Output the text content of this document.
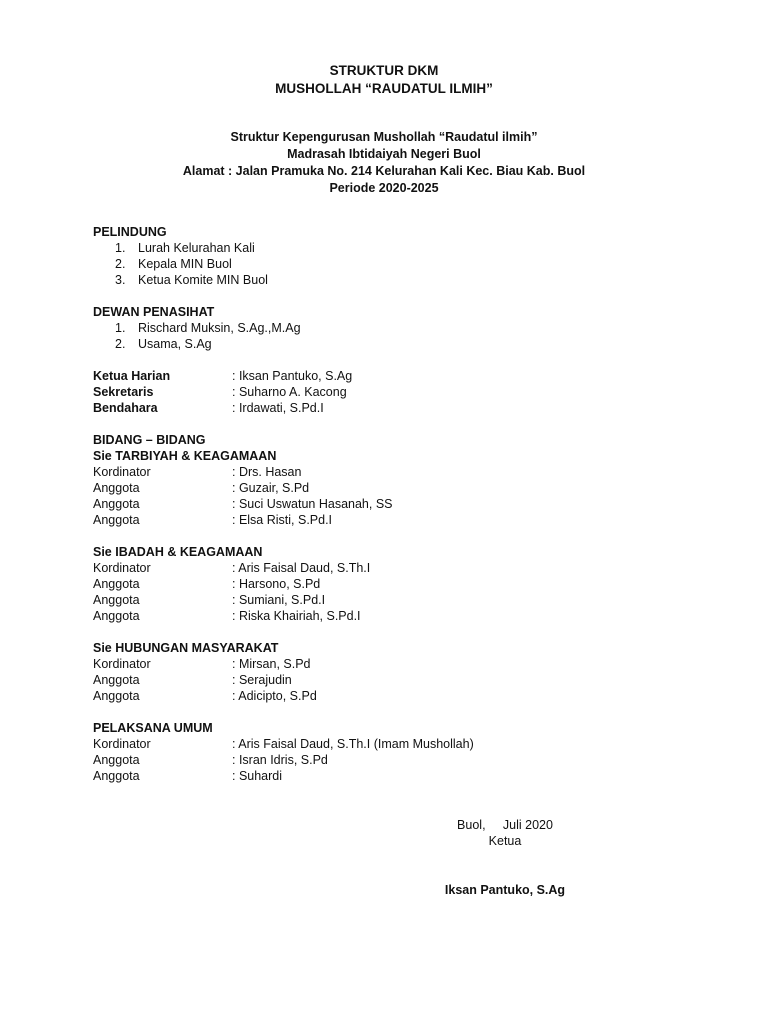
STRUKTUR DKM
MUSHOLLAH “RAUDATUL ILMIH”
Struktur Kepengurusan Mushollah “Raudatul ilmih”
Madrasah Ibtidaiyah Negeri Buol
Alamat : Jalan Pramuka No. 214 Kelurahan Kali Kec. Biau Kab. Buol
Periode 2020-2025
PELINDUNG
1. Lurah Kelurahan Kali
2. Kepala MIN Buol
3. Ketua Komite MIN Buol
DEWAN PENASIHAT
1. Rischard Muksin, S.Ag.,M.Ag
2. Usama, S.Ag
Ketua Harian	: Iksan Pantuko, S.Ag
Sekretaris	: Suharno A. Kacong
Bendahara	: Irdawati, S.Pd.I
BIDANG – BIDANG
Sie TARBIYAH & KEAGAMAAN
Kordinator	: Drs. Hasan
Anggota	: Guzair, S.Pd
Anggota	: Suci Uswatun Hasanah, SS
Anggota	: Elsa Risti, S.Pd.I
Sie IBADAH & KEAGAMAAN
Kordinator	: Aris Faisal Daud, S.Th.I
Anggota	: Harsono, S.Pd
Anggota	: Sumiani, S.Pd.I
Anggota	: Riska Khairiah, S.Pd.I
Sie HUBUNGAN MASYARAKAT
Kordinator	: Mirsan, S.Pd
Anggota	: Serajudin
Anggota	: Adicipto, S.Pd
PELAKSANA UMUM
Kordinator	: Aris Faisal Daud, S.Th.I (Imam Mushollah)
Anggota	: Isran Idris, S.Pd
Anggota	: Suhardi
Buol,     Juli 2020
Ketua
Iksan Pantuko, S.Ag
